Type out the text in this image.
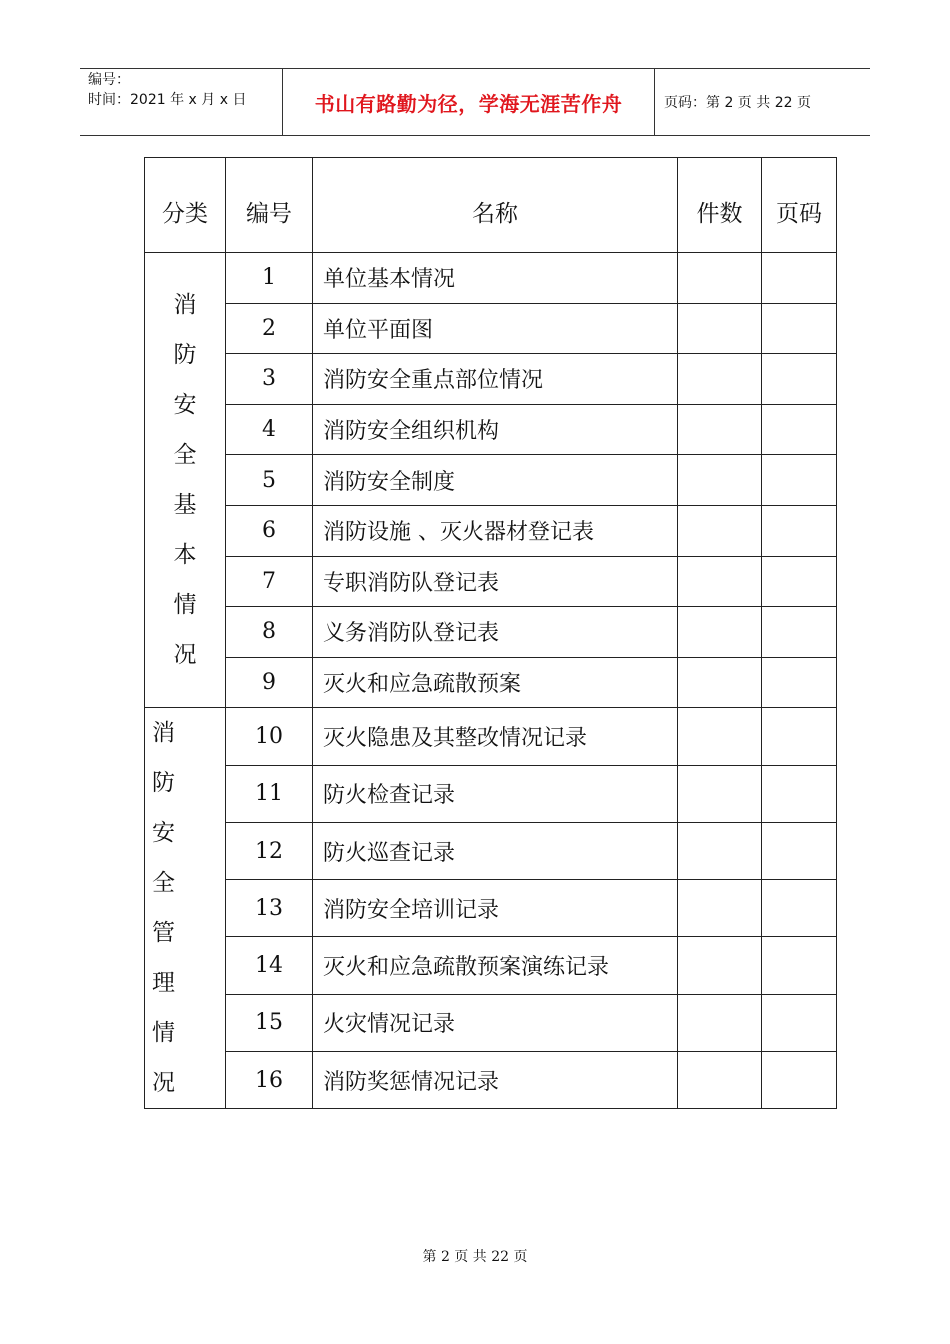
编号：
时间：2021 年 x 月 x 日	书山有路勤为径，学海无涯苦作舟	页码：第 2 页 共 22 页
分类	编号	名称	件数	页码

消防安全基本情况	1	单位基本情况		
	2	单位平面图		
	3	消防安全重点部位情况		
	4	消防安全组织机构		
	5	消防安全制度		
	6	消防设施 、灭火器材登记表		
	7	专职消防队登记表		
	8	义务消防队登记表		
	9	灭火和应急疏散预案		
消防安全管理情况	10	灭火隐患及其整改情况记录		
	11	防火检查记录		
	12	防火巡查记录		
	13	消防安全培训记录		
	14	灭火和应急疏散预案演练记录		
	15	火灾情况记录		
	16	消防奖惩情况记录		
第 2 页 共 22 页
